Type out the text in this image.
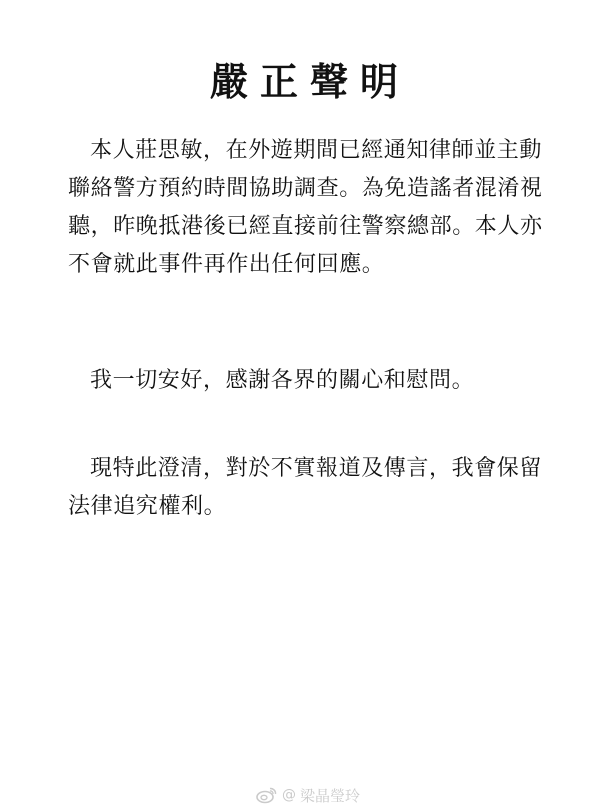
嚴正聲明

本人莊思敏，在外遊期間已經通知律師並主動聯絡警方預約時間協助調查。為免造謠者混淆視聽，昨晚抵港後已經直接前往警察總部。本人亦不會就此事件再作出任何回應。

我一切安好，感謝各界的關心和慰問。

現特此澄清，對於不實報道及傳言，我會保留法律追究權利。

@ 梁晶瑩玲
